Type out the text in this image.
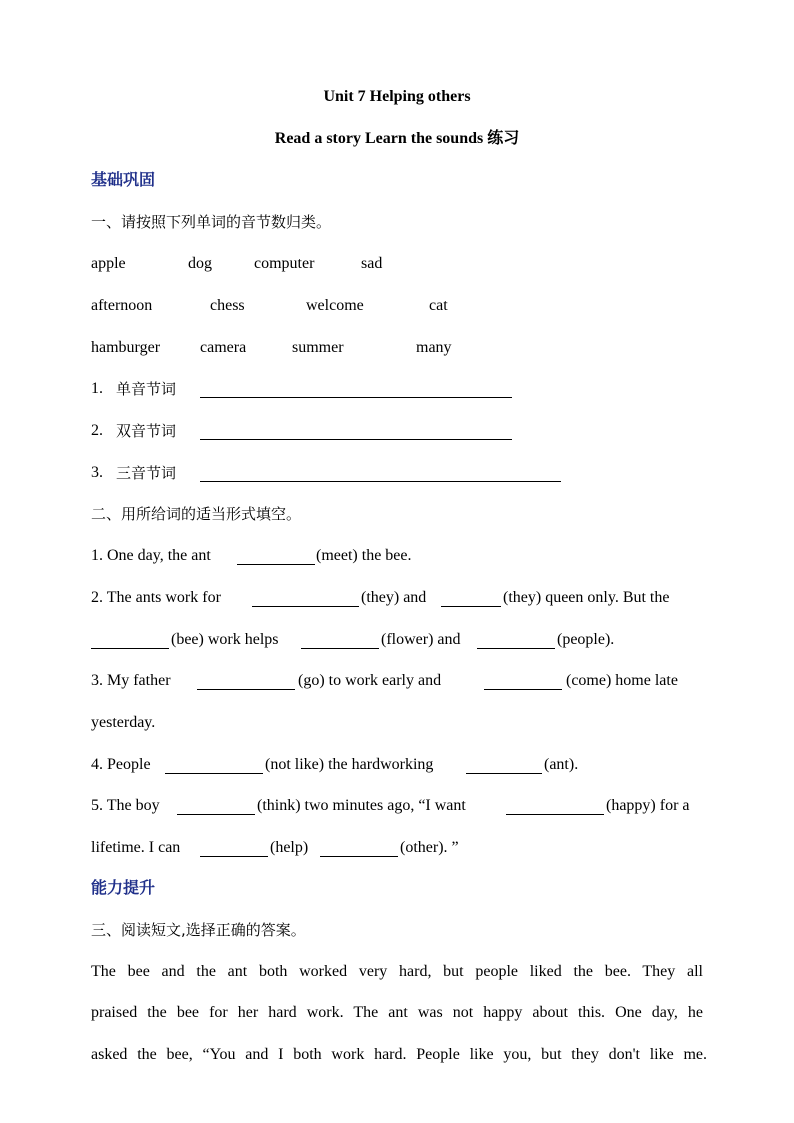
Unit 7 Helping others
Read a story Learn the sounds 练习
基础巩固
一、请按照下列单词的音节数归类。
apple	dog	computer	sad
afternoon	chess	welcome	cat
hamburger camera	summer	many
1. 单音节词
2. 双音节词
3. 三音节词
二、用所给词的适当形式填空。
1. One day, the ant	(meet) the bee.
2. The ants work for	(they) and	(they) queen only. But the
(bee) work helps	(flower) and	(people).
3. My father	(go) to work early and	(come) home late
yesterday.
4. People	(not like) the hardworking	(ant).
5. The boy	(think) two minutes ago, “I want	(happy) for a
lifetime. I can	(help)	(other). ”
能力提升
三、阅读短文,选择正确的答案。
The bee and the ant both worked very hard, but people liked the bee. They all
praised the bee for her hard work. The ant was not happy about this. One day, he
asked the bee, “You and I both work hard. People like you, but they don't like me.
